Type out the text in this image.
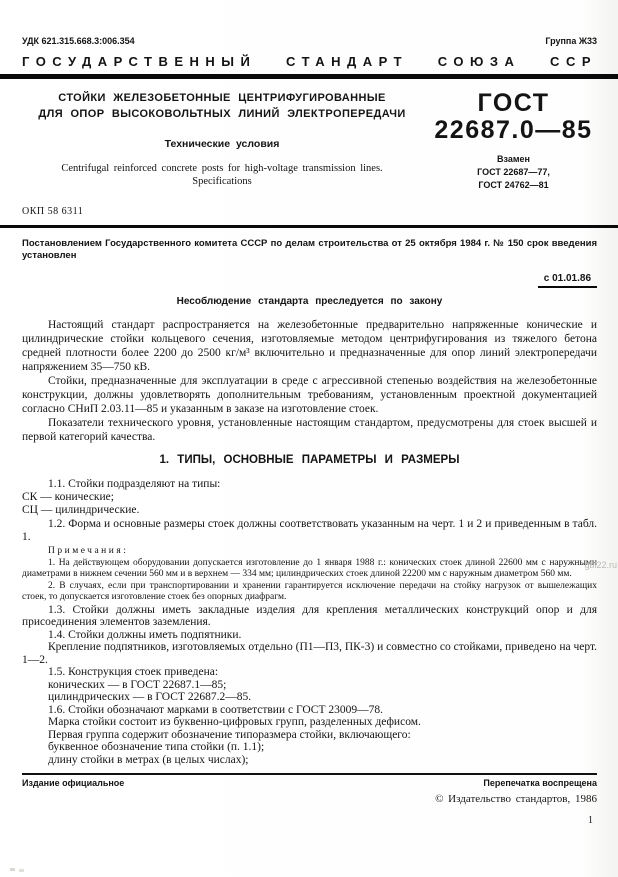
УДК 621.315.668.3:006.354	Группа Ж33
ГОСУДАРСТВЕННЫЙ СТАНДАРТ СОЮЗА ССР
СТОЙКИ ЖЕЛЕЗОБЕТОННЫЕ ЦЕНТРИФУГИРОВАННЫЕ
ДЛЯ ОПОР ВЫСОКОВОЛЬТНЫХ ЛИНИЙ ЭЛЕКТРОПЕРЕДАЧИ
Технические условия
Centrifugal reinforced concrete posts for high-voltage transmission lines.
Specifications
ГОСТ
22687.0—85
Взамен
ГОСТ 22687—77,
ГОСТ 24762—81
ОКП 58 6311
Постановлением Государственного комитета СССР по делам строительства от 25 октября 1984 г. № 150 срок введения установлен
с 01.01.86
Несоблюдение стандарта преследуется по закону

Настоящий стандарт распространяется на железобетонные предварительно напряженные конические и цилиндрические стойки кольцевого сечения, изготовляемые методом центрифугирования из тяжелого бетона средней плотности более 2200 до 2500 кг/м³ включительно и предназначенные для опор линий электропередачи напряжением 35—750 кВ.

Стойки, предназначенные для эксплуатации в среде с агрессивной степенью воздействия на железобетонные конструкции, должны удовлетворять дополнительным требованиям, установленным проектной документацией согласно СНиП 2.03.11—85 и указанным в заказе на изготовление стоек.

Показатели технического уровня, установленные настоящим стандартом, предусмотрены для стоек высшей и первой категорий качества.

1. ТИПЫ, ОСНОВНЫЕ ПАРАМЕТРЫ И РАЗМЕРЫ

1.1. Стойки подразделяют на типы:

СК — конические;

СЦ — цилиндрические.

1.2. Форма и основные размеры стоек должны соответствовать указанным на черт. 1 и 2 и приведенным в табл. 1.

Примечания:

1. На действующем оборудовании допускается изготовление до 1 января 1988 г.: конических стоек длиной 22600 мм с наружными диаметрами в нижнем сечении 560 мм и в верхнем — 334 мм; цилиндрических стоек длиной 22200 мм с наружным диаметром 560 мм.

2. В случаях, если при транспортировании и хранении гарантируется исключение передачи на стойку нагрузок от вышележащих стоек, то допускается изготовление стоек без опорных диафрагм.

1.3. Стойки должны иметь закладные изделия для крепления металлических конструкций опор и для присоединения элементов заземления.

1.4. Стойки должны иметь подпятники.

Крепление подпятников, изготовляемых отдельно (П1—П3, ПК-3) и совместно со стойками, приведено на черт. 1—2.

1.5. Конструкция стоек приведена:

конических — в ГОСТ 22687.1—85;

цилиндрических — в ГОСТ 22687.2—85.

1.6. Стойки обозначают марками в соответствии с ГОСТ 23009—78.

Марка стойки состоит из буквенно-цифровых групп, разделенных дефисом.

Первая группа содержит обозначение типоразмера стойки, включающего:

буквенное обозначение типа стойки (п. 1.1);

длину стойки в метрах (в целых числах);

Издание официальное	Перепечатка воспрещена
© Издательство стандартов, 1986
1
gbl22.ru
